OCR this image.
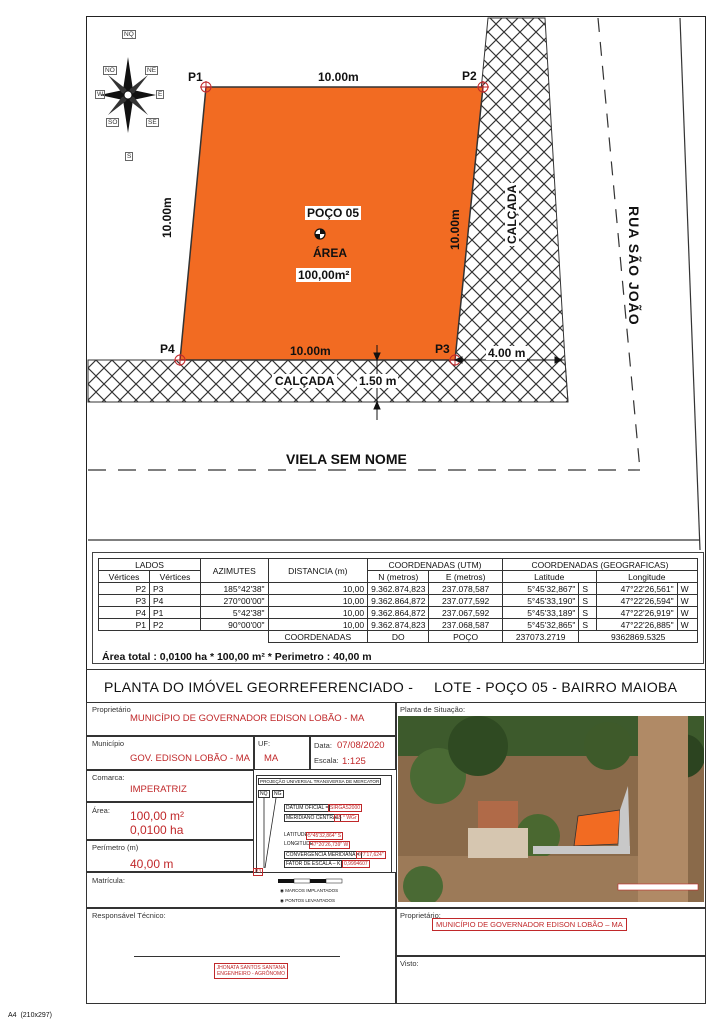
NQ
NO	NE
W	E
SO	SE
S
P1	P2
P3
P4
10.00m
10.00m
10.00m	10.00m
POÇO 05
ÁREA
100,00m²
CALÇADA
CALÇADA
4.00 m
1.50 m
RUA SÃO JOÃO
VIELA SEM NOME
LADOS		AZIMUTES	DISTANCIA (m)	COORDENADAS (UTM)		COORDENADAS (GEOGRAFICAS)			
Vértices	Vértices			N (metros)	E (metros)	Latitude		Longitude	
P2	P3	185°42'38"	10,00	9.362.874,823	237.078,587	5°45'32,867"	S	47°22'26,561"	W
P3	P4	270°00'00"	10,00	9.362.864,872	237.077,592	5°45'33,190"	S	47°22'26,594"	W
P4	P1	5°42'38"	10,00	9.362.864,872	237.067,592	5°45'33,189"	S	47°22'26,919"	W
P1	P2	90°00'00"	10,00	9.362.874,823	237.068,587	5°45'32,865"	S	47°22'26,885"	W
			COORDENADAS	DO	POÇO	237073.2719	9362869.5325		
Área total : 0,0100 ha * 100,00 m² * Perimetro : 40,00 m
PLANTA DO IMÓVEL GEORREFERENCIADO -     LOTE - POÇO 05 - BAIRRO MAIOBA
Proprietário
MUNICÍPIO DE GOVERNADOR EDISON LOBÃO - MA
Município
GOV. EDISON LOBÃO - MA
UF:
MA
Data: 07/08/2020
Escala: 1:125
Comarca:
IMPERATRIZ
Área: 100,00 m²
0,0100 ha
Perímetro (m)
40,00 m
Matrícula:
Responsável Técnico:
JHONATA SANTOS SANTANA
ENGENHEIRO - AGRÔNOMO
PROJEÇÃO UNIVERSAL TRANSVERSA DE MERCATOR
NQ	NG
DATUM OFICIAL = SIRGAS2000
MERIDIANO CENTRAL
45 ° WGr
LATITUDE 5°45'32,864" S
LONGITUDE
47°20'26,739" W
CONVERGÊNCIA MERIDIANA =
0°7'17,624"
FATOR DE ESCALA – K 0,9994607
P3
◉ MARCOS IMPLANTADOS
◉ PONTOS LEVANTADOS
Planta de Situação:
Proprietário:
MUNICÍPIO DE GOVERNADOR EDISON LOBÃO – MA
Visto:
A4  (210x297)
